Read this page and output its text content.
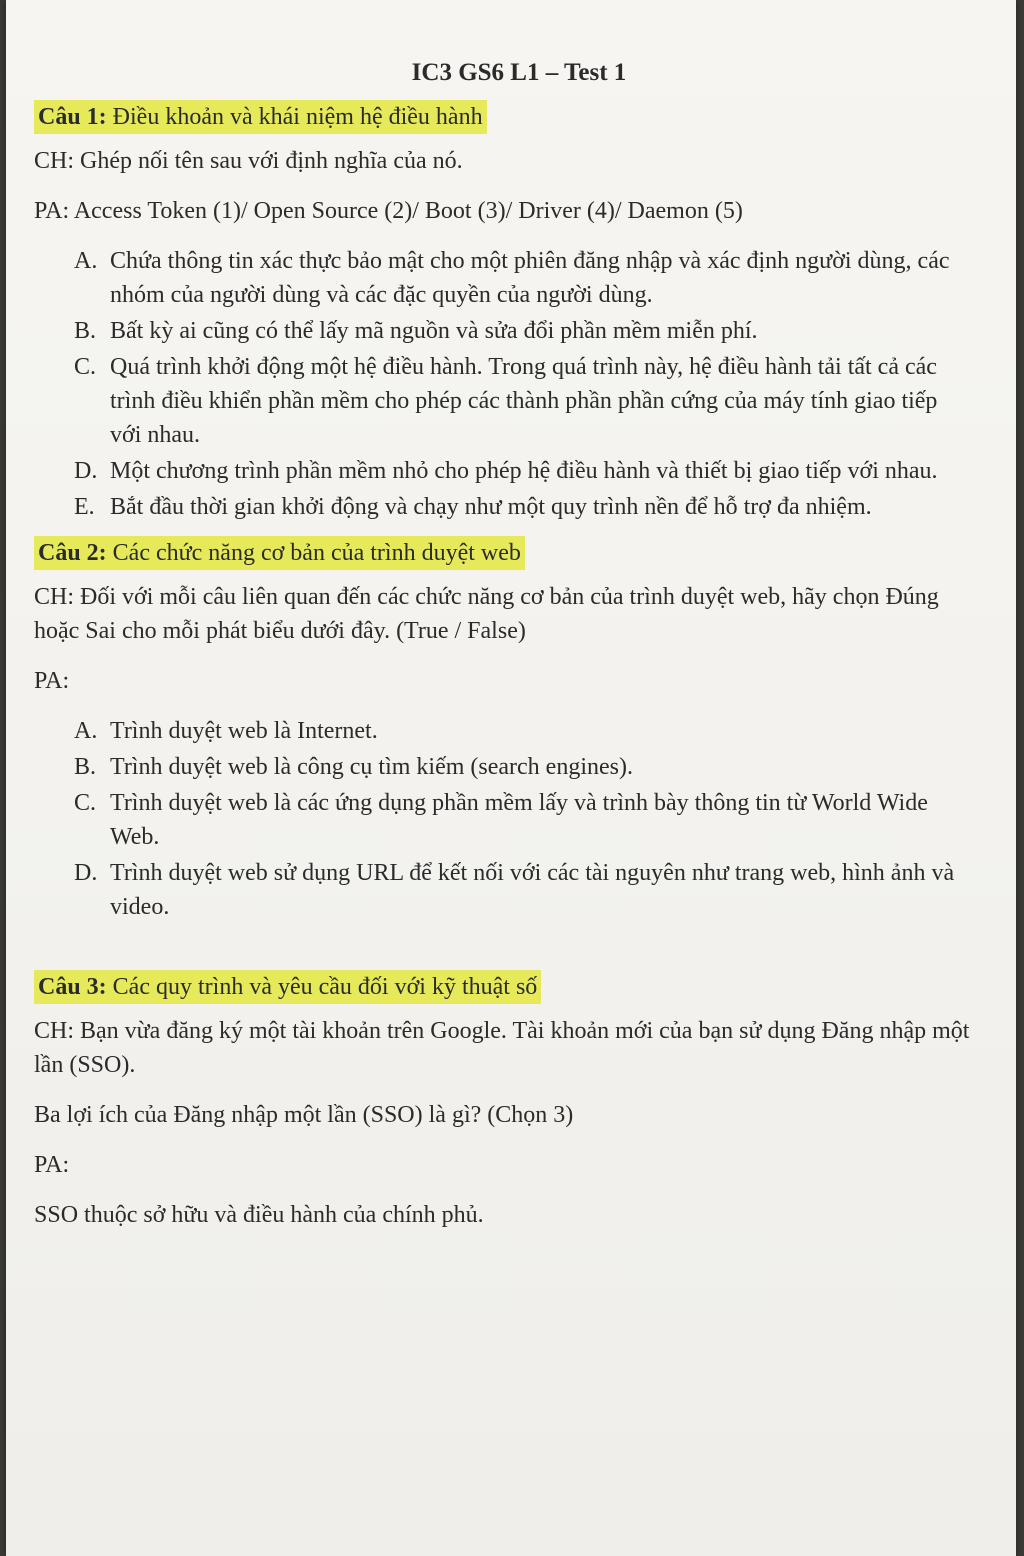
IC3 GS6 L1 – Test 1
Câu 1: Điều khoản và khái niệm hệ điều hành

CH: Ghép nối tên sau với định nghĩa của nó.

PA: Access Token (1)/ Open Source (2)/ Boot (3)/ Driver (4)/ Daemon (5)

A. Chứa thông tin xác thực bảo mật cho một phiên đăng nhập và xác định người dùng, các nhóm của người dùng và các đặc quyền của người dùng.
B. Bất kỳ ai cũng có thể lấy mã nguồn và sửa đổi phần mềm miễn phí.
C. Quá trình khởi động một hệ điều hành. Trong quá trình này, hệ điều hành tải tất cả các trình điều khiển phần mềm cho phép các thành phần phần cứng của máy tính giao tiếp với nhau.
D. Một chương trình phần mềm nhỏ cho phép hệ điều hành và thiết bị giao tiếp với nhau.
E. Bắt đầu thời gian khởi động và chạy như một quy trình nền để hỗ trợ đa nhiệm.
Câu 2: Các chức năng cơ bản của trình duyệt web

CH: Đối với mỗi câu liên quan đến các chức năng cơ bản của trình duyệt web, hãy chọn Đúng hoặc Sai cho mỗi phát biểu dưới đây. (True / False)

PA:

A. Trình duyệt web là Internet.
B. Trình duyệt web là công cụ tìm kiếm (search engines).
C. Trình duyệt web là các ứng dụng phần mềm lấy và trình bày thông tin từ World Wide Web.
D. Trình duyệt web sử dụng URL để kết nối với các tài nguyên như trang web, hình ảnh và video.
Câu 3: Các quy trình và yêu cầu đối với kỹ thuật số

CH: Bạn vừa đăng ký một tài khoản trên Google. Tài khoản mới của bạn sử dụng Đăng nhập một lần (SSO).

Ba lợi ích của Đăng nhập một lần (SSO) là gì? (Chọn 3)

PA:

SSO thuộc sở hữu và điều hành của chính phủ.
